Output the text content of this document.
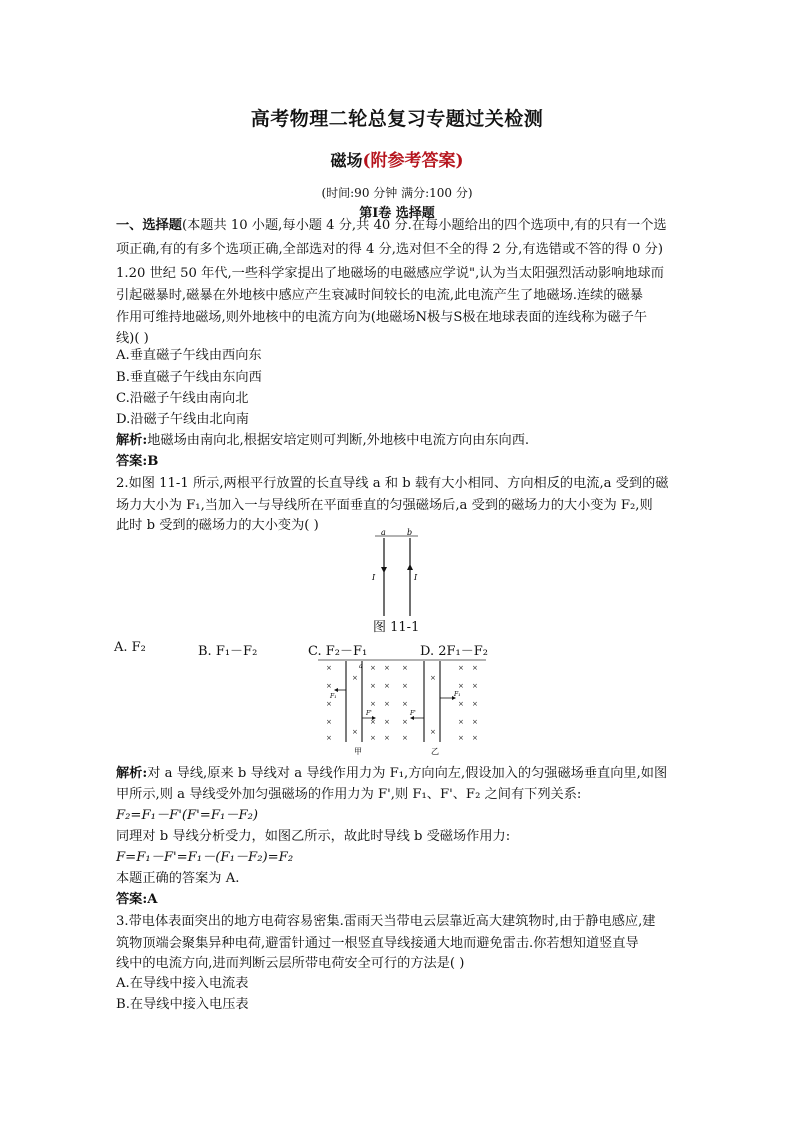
高考物理二轮总复习专题过关检测
磁场(附参考答案)
(时间:90 分钟 满分:100 分)
第Ⅰ卷 选择题
一、选择题(本题共 10 小题,每小题 4 分,共 40 分.在每小题给出的四个选项中,有的只有一个选
项正确,有的有多个选项正确,全部选对的得 4 分,选对但不全的得 2 分,有选错或不答的得 0 分)
1.20 世纪 50 年代,一些科学家提出了地磁场的电磁感应学说",认为当太阳强烈活动影响地球而
引起磁暴时,磁暴在外地核中感应产生衰减时间较长的电流,此电流产生了地磁场.连续的磁暴
作用可维持地磁场,则外地核中的电流方向为(地磁场N极与S极在地球表面的连线称为磁子午
线)( )
A.垂直磁子午线由西向东
B.垂直磁子午线由东向西
C.沿磁子午线由南向北
D.沿磁子午线由北向南
解析:地磁场由南向北,根据安培定则可判断,外地核中电流方向由东向西.
答案:B
2.如图 11-1 所示,两根平行放置的长直导线 a 和 b 载有大小相同、方向相反的电流,a 受到的磁
场力大小为 F₁,当加入一与导线所在平面垂直的匀强磁场后,a 受到的磁场力的大小变为 F₂,则
此时 b 受到的磁场力的大小变为( )	a	b
I	I
图 11-1
A. F₂	B. F₁－F₂	C. F₂－F₁	D. 2F₁－F₂
×	× × ×	× ×
×	× × ×	× ×
×	× × ×	× ×
×	× × ×	× ×
×	× × ×	× ×
×	×
×	×
甲	乙
a
F₁
F'
F₁
F'
解析:对 a 导线,原来 b 导线对 a 导线作用力为 F₁,方向向左,假设加入的匀强磁场垂直向里,如图
甲所示,则 a 导线受外加匀强磁场的作用力为 F',则 F₁、F'、F₂ 之间有下列关系:
F₂=F₁－F'(F'=F₁－F₂)
同理对 b 导线分析受力，如图乙所示，故此时导线 b 受磁场作用力:
F=F₁－F'=F₁－(F₁－F₂)=F₂
本题正确的答案为 A.
答案:A
3.带电体表面突出的地方电荷容易密集.雷雨天当带电云层靠近高大建筑物时,由于静电感应,建
筑物顶端会聚集异种电荷,避雷针通过一根竖直导线接通大地而避免雷击.你若想知道竖直导
线中的电流方向,进而判断云层所带电荷安全可行的方法是( )
A.在导线中接入电流表
B.在导线中接入电压表
